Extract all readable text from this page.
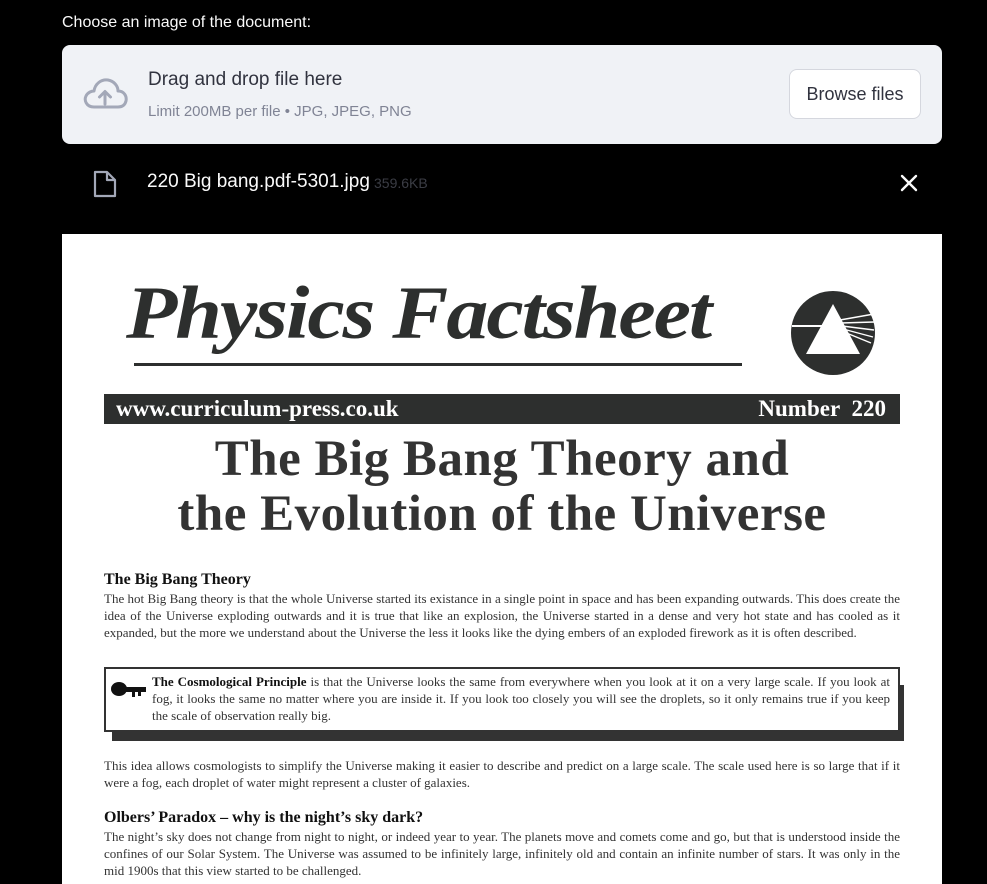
Choose an image of the document:
Drag and drop file here
Limit 200MB per file • JPG, JPEG, PNG
Browse files
220 Big bang.pdf-5301.jpg 359.6KB
Physics Factsheet
www.curriculum-press.co.uk	Number 220
The Big Bang Theory and
the Evolution of the Universe
The Big Bang Theory
The hot Big Bang theory is that the whole Universe started its existance in a single point in space and has been expanding outwards. This does create the idea of the Universe exploding outwards and it is true that like an explosion, the Universe started in a dense and very hot state and has cooled as it expanded, but the more we understand about the Universe the less it looks like the dying embers of an exploded firework as it is often described.
The Cosmological Principle is that the Universe looks the same from everywhere when you look at it on a very large scale. If you look at fog, it looks the same no matter where you are inside it. If you look too closely you will see the droplets, so it only remains true if you keep the scale of observation really big.
This idea allows cosmologists to simplify the Universe making it easier to describe and predict on a large scale. The scale used here is so large that if it were a fog, each droplet of water might represent a cluster of galaxies.
Olbers’ Paradox – why is the night’s sky dark?
The night’s sky does not change from night to night, or indeed year to year. The planets move and comets come and go, but that is understood inside the confines of our Solar System. The Universe was assumed to be infinitely large, infinitely old and contain an infinite number of stars. It was only in the mid 1900s that this view started to be challenged.
